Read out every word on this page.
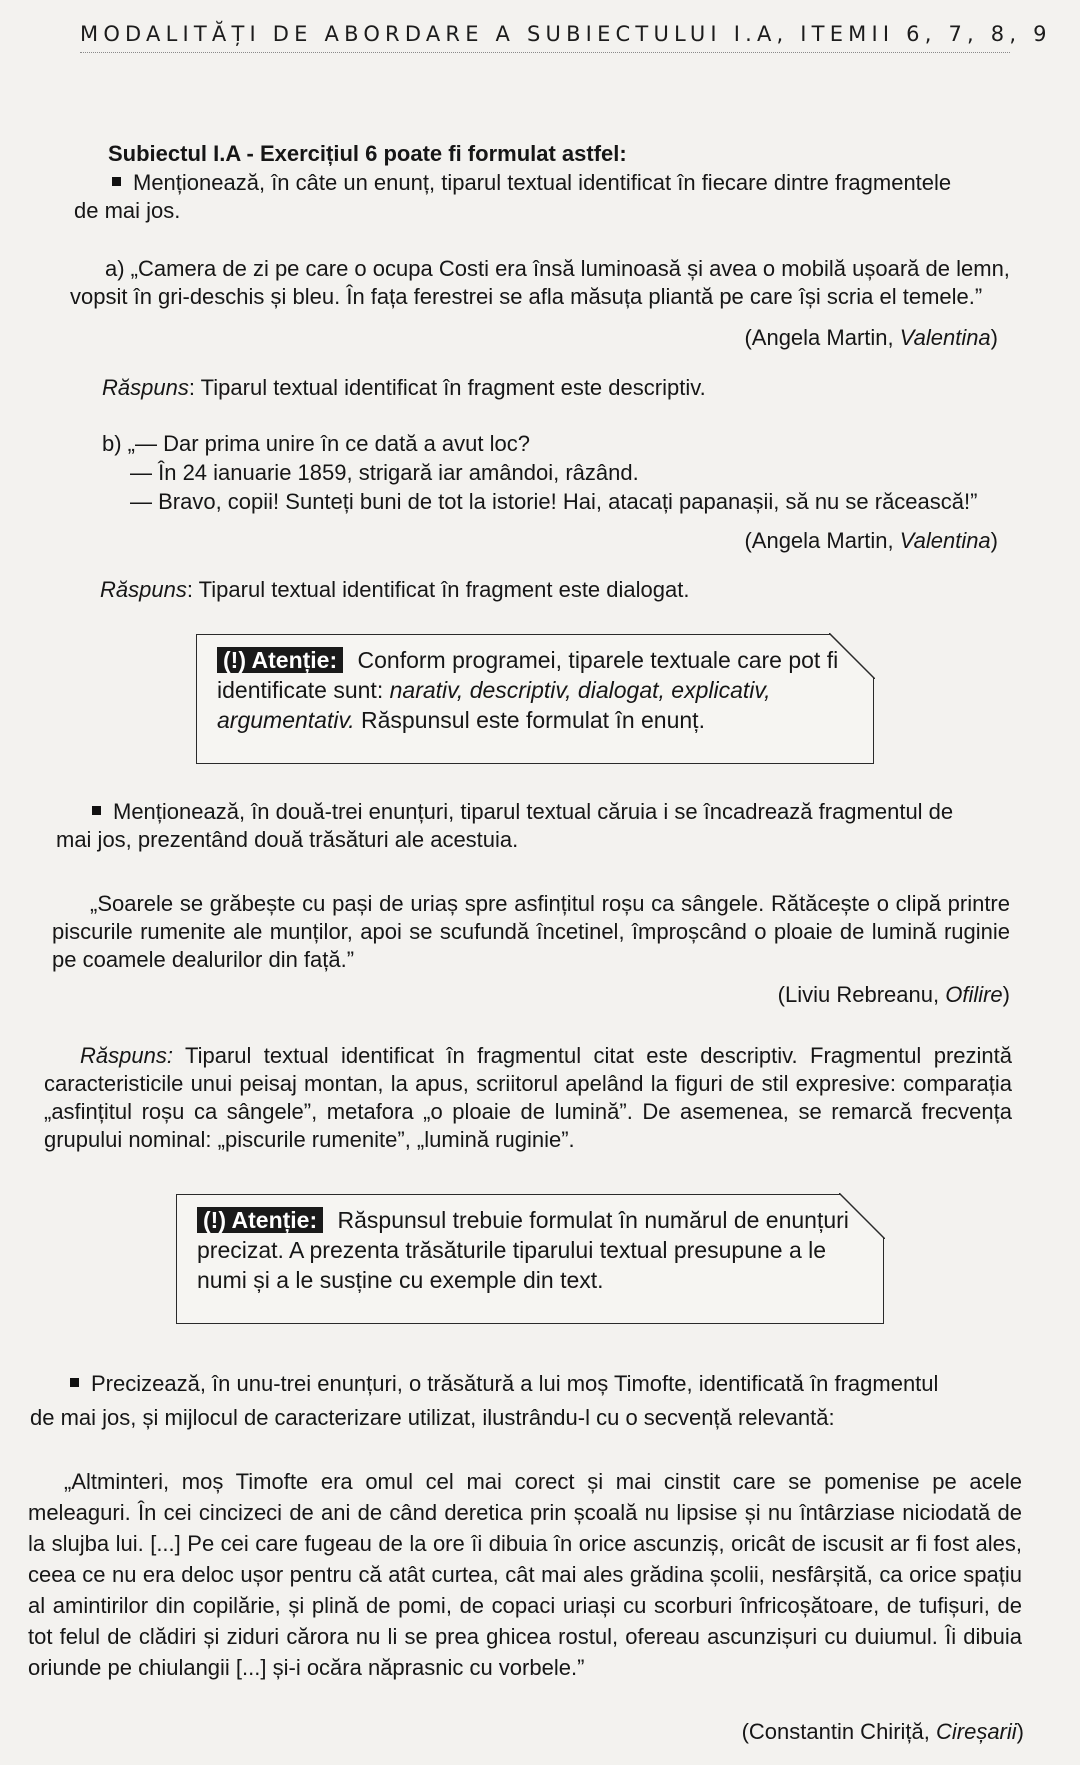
MODALITĂȚI DE ABORDARE A SUBIECTULUI I.A, ITEMII 6, 7, 8, 9
Subiectul I.A - Exercițiul 6 poate fi formulat astfel:
Menționează, în câte un enunț, tiparul textual identificat în fiecare dintre fragmentele
de mai jos.
a) „Camera de zi pe care o ocupa Costi era însă luminoasă și avea o mobilă ușoară de lemn,
vopsit în gri-deschis și bleu. În fața ferestrei se afla măsuța pliantă pe care își scria el temele.”
(Angela Martin, Valentina)
Răspuns: Tiparul textual identificat în fragment este descriptiv.
b) „— Dar prima unire în ce dată a avut loc?
— În 24 ianuarie 1859, strigară iar amândoi, râzând.
— Bravo, copii! Sunteți buni de tot la istorie! Hai, atacați papanașii, să nu se răcească!”
(Angela Martin, Valentina)
Răspuns: Tiparul textual identificat în fragment este dialogat.
(!) Atenție: Conform programei, tiparele textuale care pot fi identificate sunt: narativ, descriptiv, dialogat, explicativ, argumentativ. Răspunsul este formulat în enunț.
Menționează, în două-trei enunțuri, tiparul textual căruia i se încadrează fragmentul de
mai jos, prezentând două trăsături ale acestuia.
„Soarele se grăbește cu pași de uriaș spre asfințitul roșu ca sângele. Rătăcește o clipă printre piscurile rumenite ale munților, apoi se scufundă încetinel, împroșcând o ploaie de lumină ruginie pe coamele dealurilor din față.”
(Liviu Rebreanu, Ofilire)
Răspuns: Tiparul textual identificat în fragmentul citat este descriptiv. Fragmentul prezintă caracteristicile unui peisaj montan, la apus, scriitorul apelând la figuri de stil expresive: comparația „asfințitul roșu ca sângele”, metafora „o ploaie de lumină”. De asemenea, se remarcă frecvența grupului nominal: „piscurile rumenite”, „lumină ruginie”.
(!) Atenție: Răspunsul trebuie formulat în numărul de enunțuri precizat. A prezenta trăsăturile tiparului textual presupune a le numi și a le susține cu exemple din text.
Precizează, în unu-trei enunțuri, o trăsătură a lui moș Timofte, identificată în fragmentul
de mai jos, și mijlocul de caracterizare utilizat, ilustrându-l cu o secvență relevantă:
„Altminteri, moș Timofte era omul cel mai corect și mai cinstit care se pomenise pe acele meleaguri. În cei cincizeci de ani de când deretica prin școală nu lipsise și nu întârziase niciodată de la slujba lui. [...] Pe cei care fugeau de la ore îi dibuia în orice ascunziș, oricât de iscusit ar fi fost ales, ceea ce nu era deloc ușor pentru că atât curtea, cât mai ales grădina școlii, nesfârșită, ca orice spațiu al amintirilor din copilărie, și plină de pomi, de copaci uriași cu scorburi înfricoșătoare, de tufișuri, de tot felul de clădiri și ziduri cărora nu li se prea ghicea rostul, ofereau ascunzișuri cu duiumul. Îi dibuia oriunde pe chiulangii [...] și-i ocăra năprasnic cu vorbele.”
(Constantin Chiriță, Cireșarii)
